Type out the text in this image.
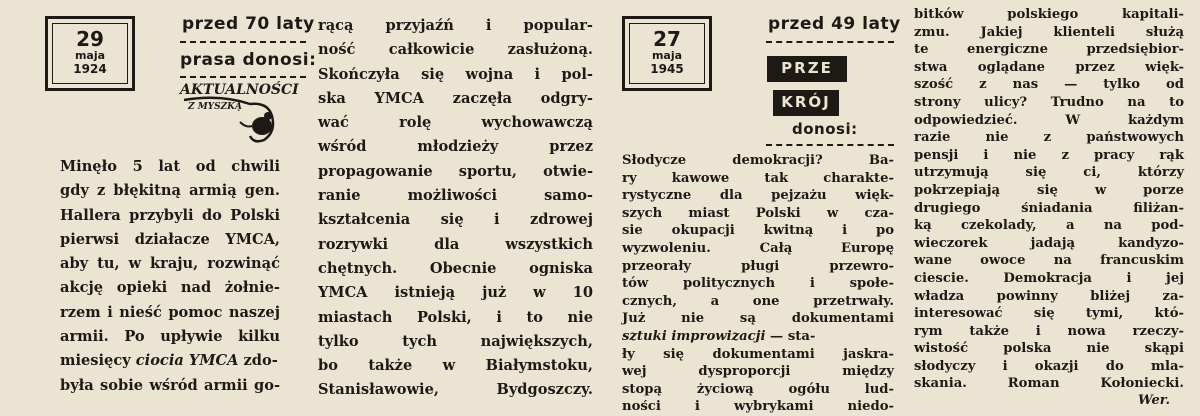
29
maja
1924
przed 70 laty
prasa donosi:
AKTUALNOŚCI
Z MYSZKĄ
Minęło 5 lat od chwili
gdy z błękitną armią gen.
Hallera przybyli do Polski
pierwsi działacze YMCA,
aby tu, w kraju, rozwinąć
akcję opieki nad żołnie-
rzem i nieść pomoc naszej
armii. Po upływie kilku
miesięcy ciocia YMCA zdo-
była sobie wśród armii go-
rącą przyjaźń i popular-
ność całkowicie zasłużoną.
Skończyła się wojna i pol-
ska YMCA zaczęła odgry-
wać rolę wychowawczą
wśród młodzieży przez
propagowanie sportu, otwie-
ranie możliwości samo-
kształcenia się i zdrowej
rozrywki dla wszystkich
chętnych. Obecnie ogniska
YMCA istnieją już w 10
miastach Polski, i to nie
tylko tych największych,
bo także w Białymstoku,
Stanisławowie, Bydgoszczy.
27
maja
1945
przed 49 laty
PRZE
KRÓJ
donosi:
Słodycze demokracji? Ba-
ry kawowe tak charakte-
rystyczne dla pejzażu więk-
szych miast Polski w cza-
sie okupacji kwitną i po
wyzwoleniu. Całą Europę
przeorały pługi przewro-
tów politycznych i społe-
cznych, a one przetrwały.
Już nie są dokumentami
sztuki improwizacji — sta-
ły się dokumentami jaskra-
wej dysproporcji między
stopą życiową ogółu lud-
ności i wybrykami niedo-
bitków polskiego kapitali-
zmu. Jakiej klienteli służą
te energiczne przedsiębior-
stwa oglądane przez więk-
szość z nas — tylko od
strony ulicy? Trudno na to
odpowiedzieć. W każdym
razie nie z państwowych
pensji i nie z pracy rąk
utrzymują się ci, którzy
pokrzepiają się w porze
drugiego śniadania filiżan-
ką czekolady, a na pod-
wieczorek jadają kandyzo-
wane owoce na francuskim
ciescie. Demokracja i jej
władza powinny bliżej za-
interesować się tymi, któ-
rym także i nowa rzeczy-
wistość polska nie skąpi
słodyczy i okazji do mla-
skania. Roman Kołoniecki.
Wer.
